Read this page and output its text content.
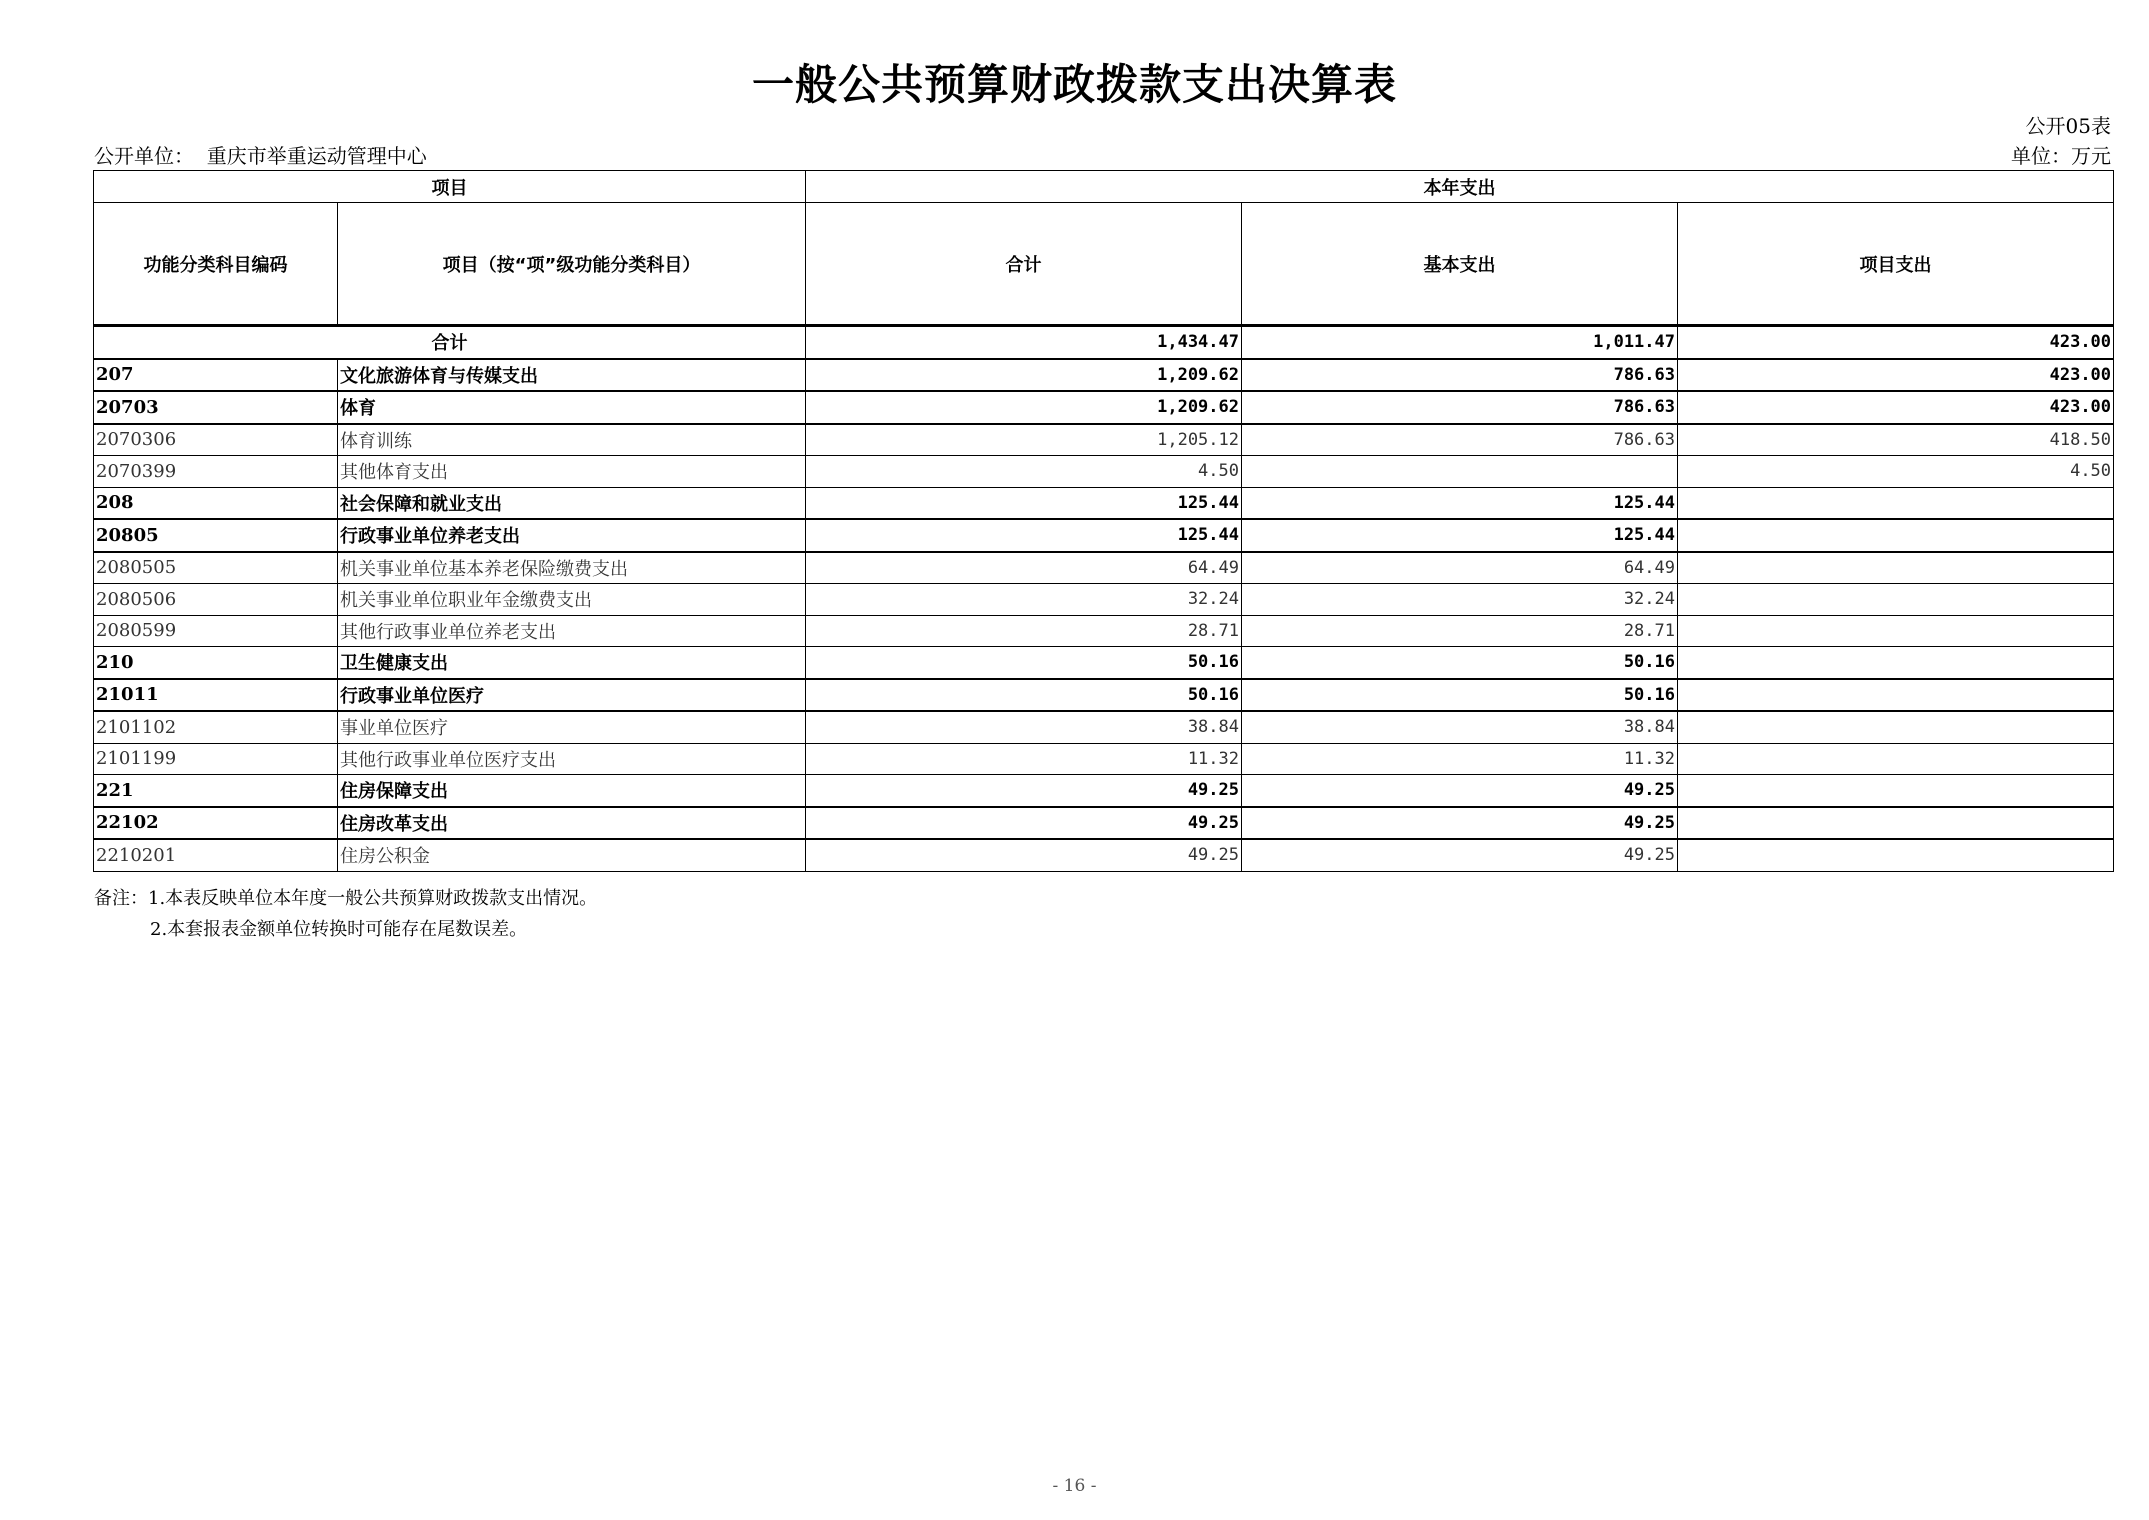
一般公共预算财政拨款支出决算表
公开05表
公开单位： 重庆市举重运动管理中心	单位：万元
项目		本年支出		
功能分类科目编码	项目（按“项”级功能分类科目）	合计	基本支出	项目支出
合计		1,434.47	1,011.47	423.00
207	文化旅游体育与传媒支出	1,209.62	786.63	423.00
20703	体育	1,209.62	786.63	423.00
2070306	体育训练	1,205.12	786.63	418.50
2070399	其他体育支出	4.50		4.50
208	社会保障和就业支出	125.44	125.44	
20805	行政事业单位养老支出	125.44	125.44	
2080505	机关事业单位基本养老保险缴费支出	64.49	64.49	
2080506	机关事业单位职业年金缴费支出	32.24	32.24	
2080599	其他行政事业单位养老支出	28.71	28.71	
210	卫生健康支出	50.16	50.16	
21011	行政事业单位医疗	50.16	50.16	
2101102	事业单位医疗	38.84	38.84	
2101199	其他行政事业单位医疗支出	11.32	11.32	
221	住房保障支出	49.25	49.25	
22102	住房改革支出	49.25	49.25	
2210201	住房公积金	49.25	49.25	
备注：1.本表反映单位本年度一般公共预算财政拨款支出情况。
2.本套报表金额单位转换时可能存在尾数误差。
- 16 -
